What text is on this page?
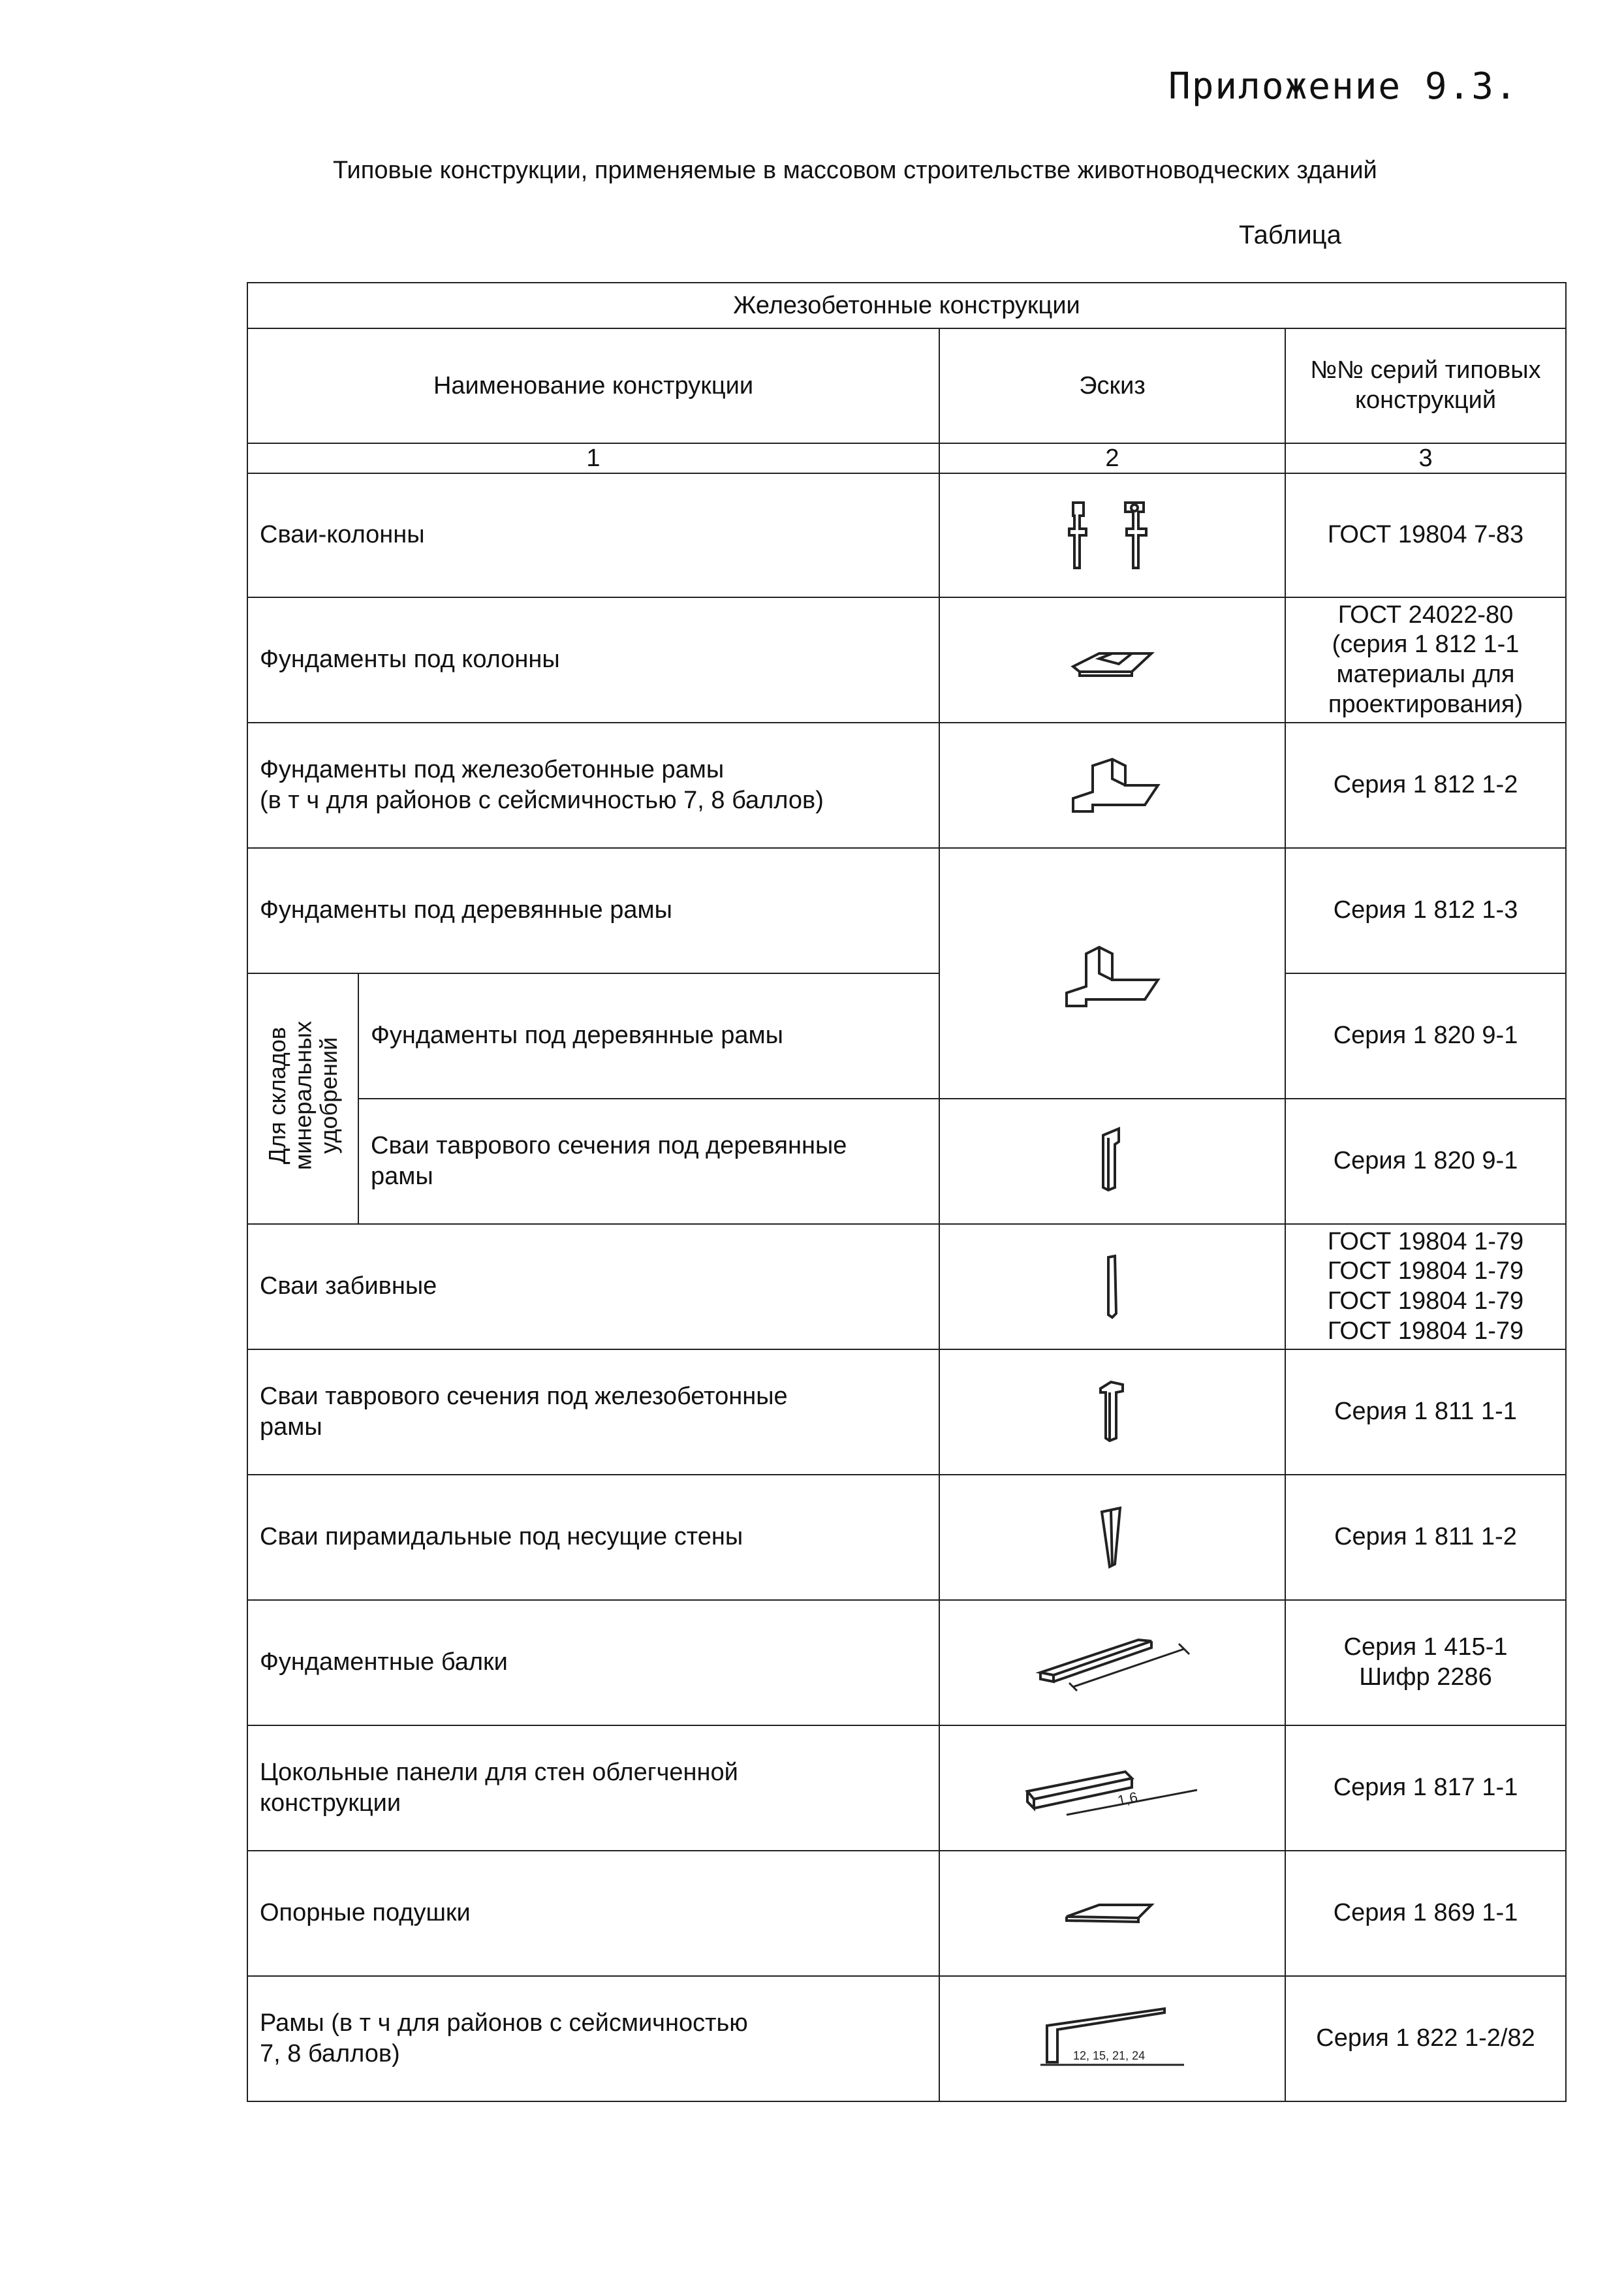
Приложение 9.3.
Типовые конструкции, применяемые в массовом строительстве животноводческих зданий
Таблица
Железобетонные конструкции			
Наименование конструкции		Эскиз	№№ серий типовых
конструкций
1		2	3
Сваи-колонны			ГОСТ 19804 7-83
Фундаменты под колонны			ГОСТ 24022-80
(серия 1 812 1-1
материалы для
проектирования)
Фундаменты под железобетонные рамы
(в т ч для районов с сейсмичностью 7, 8 баллов)			Серия 1 812 1-2
Фундаменты под деревянные рамы			Серия 1 812 1-3
Для складов
минеральных
удобрений	Фундаменты под деревянные рамы		Серия 1 820 9-1
	Сваи таврового сечения под деревянные
рамы		Серия 1 820 9-1
Сваи забивные			ГОСТ 19804 1-79
ГОСТ 19804 1-79
ГОСТ 19804 1-79
ГОСТ 19804 1-79
Сваи таврового сечения под железобетонные
рамы			Серия 1 811 1-1
Сваи пирамидальные под несущие стены			Серия 1 811 1-2
Фундаментные балки			Серия 1 415-1
Шифр 2286
Цокольные панели для стен облегченной
конструкции		1,6	Серия 1 817 1-1
Опорные подушки			Серия 1 869 1-1
Рамы (в т ч для районов с сейсмичностью
7, 8 баллов)		12, 15, 21, 24	Серия 1 822 1-2/82
